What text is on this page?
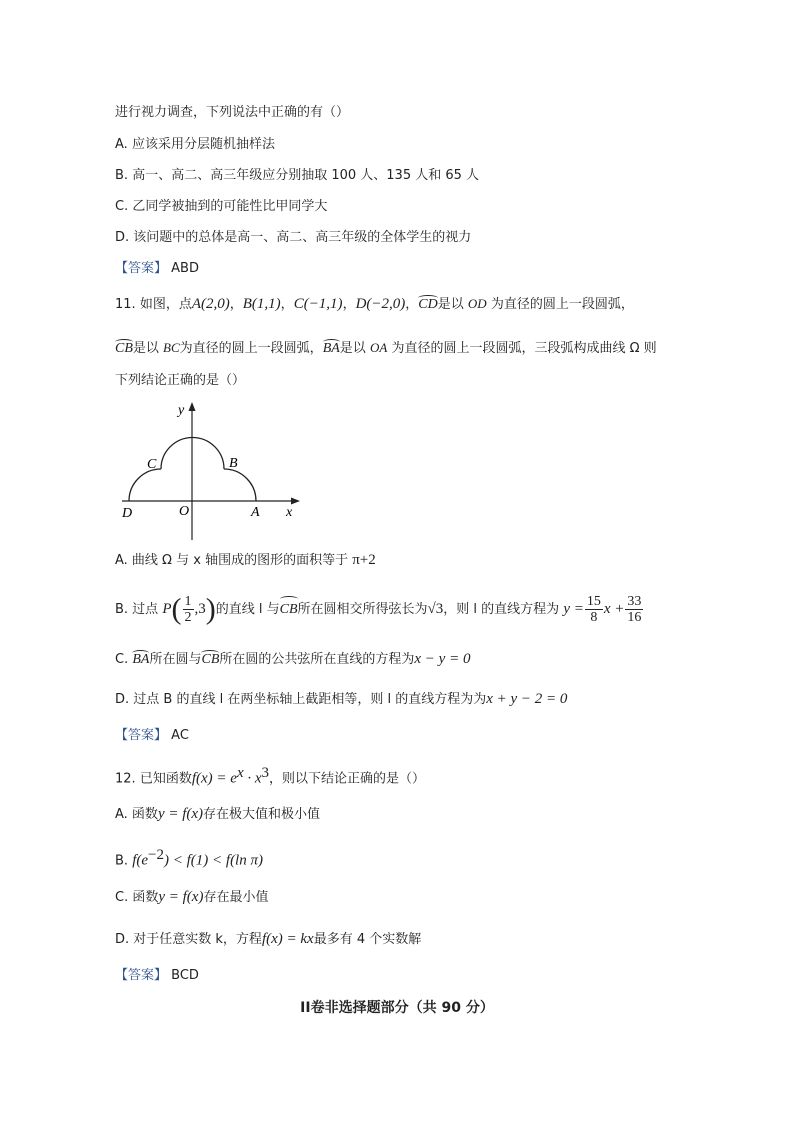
进行视力调查，下列说法中正确的有（）
A. 应该采用分层随机抽样法
B. 高一、高二、高三年级应分别抽取 100 人、135 人和 65 人
C. 乙同学被抽到的可能性比甲同学大
D. 该问题中的总体是高一、高二、高三年级的全体学生的视力
【答案】 ABD
11. 如图，点A(2,0)，B(1,1)，C(−1,1)，D(−2,0)，CD是以 OD 为直径的圆上一段圆弧，
CB是以 BC为直径的圆上一段圆弧，BA是以 OA 为直径的圆上一段圆弧，三段弧构成曲线 Ω 则
下列结论正确的是（）
y
x
C	B
D	O	A
A. 曲线 Ω 与 x 轴围成的图形的面积等于 π+2
B. 过点 $P( \frac{1}{2} ,3)$的直线 l 与CB所在圆相交所得弦长为√3，则 l 的直线方程为 $y = \frac{15}{8}$ $x + \frac{33}{16}$
C. BA所在圆与CB所在圆的公共弦所在直线的方程为x − y = 0
D. 过点 B 的直线 l 在两坐标轴上截距相等，则 l 的直线方程为为x + y − 2 = 0
【答案】 AC
12. 已知函数$f(x) = e^x \cdot x^3$，则以下结论正确的是（）
A. 函数y = f(x)存在极大值和极小值
B. $f(e^{-2}) < f(1) < f(\ln$ π)
C. 函数y = f(x)存在最小值
D. 对于任意实数 k，方程f(x) = kx最多有 4 个实数解
【答案】 BCD
II卷非选择题部分（共 90 分）
